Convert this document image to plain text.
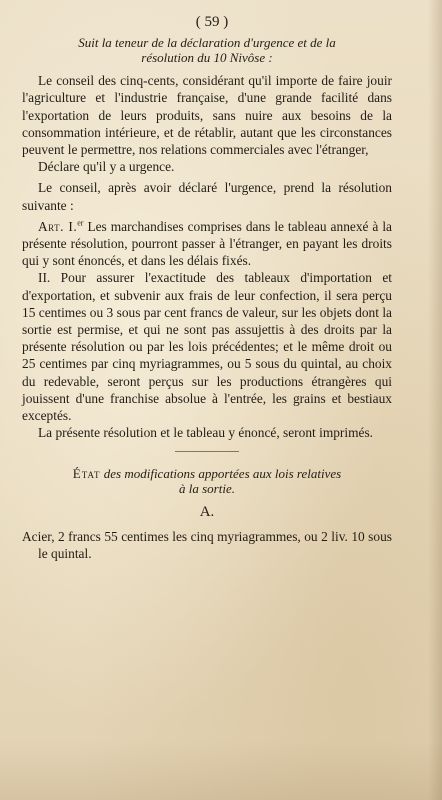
( 59 )
Suit la teneur de la déclaration d'urgence et de la
résolution du 10 Nivôse :

Le conseil des cinq-cents, considérant qu'il importe de faire jouir l'agriculture et l'industrie française, d'une grande facilité dans l'exportation de leurs produits, sans nuire aux besoins de la consommation intérieure, et de rétablir, autant que les circonstances peuvent le permettre, nos relations commerciales avec l'étranger,

Déclare qu'il y a urgence.

Le conseil, après avoir déclaré l'urgence, prend la résolution suivante :

Art. I.$^{er}$ Les marchandises comprises dans le tableau annexé à la présente résolution, pourront passer à l'étranger, en payant les droits qui y sont énoncés, et dans les délais fixés.

II. Pour assurer l'exactitude des tableaux d'importation et d'exportation, et subvenir aux frais de leur confection, il sera perçu 15 centimes ou 3 sous par cent francs de valeur, sur les objets dont la sortie est permise, et qui ne sont pas assujettis à des droits par la présente résolution ou par les lois précédentes; et le même droit ou 25 centimes par cinq myriagrammes, ou 5 sous du quintal, au choix du redevable, seront perçus sur les productions étrangères qui jouissent d'une franchise absolue à l'entrée, les grains et bestiaux exceptés.

La présente résolution et le tableau y énoncé, seront imprimés.

État des modifications apportées aux lois relatives
à la sortie.
A.

Acier, 2 francs 55 centimes les cinq myriagrammes, ou 2 liv. 10 sous le quintal.
